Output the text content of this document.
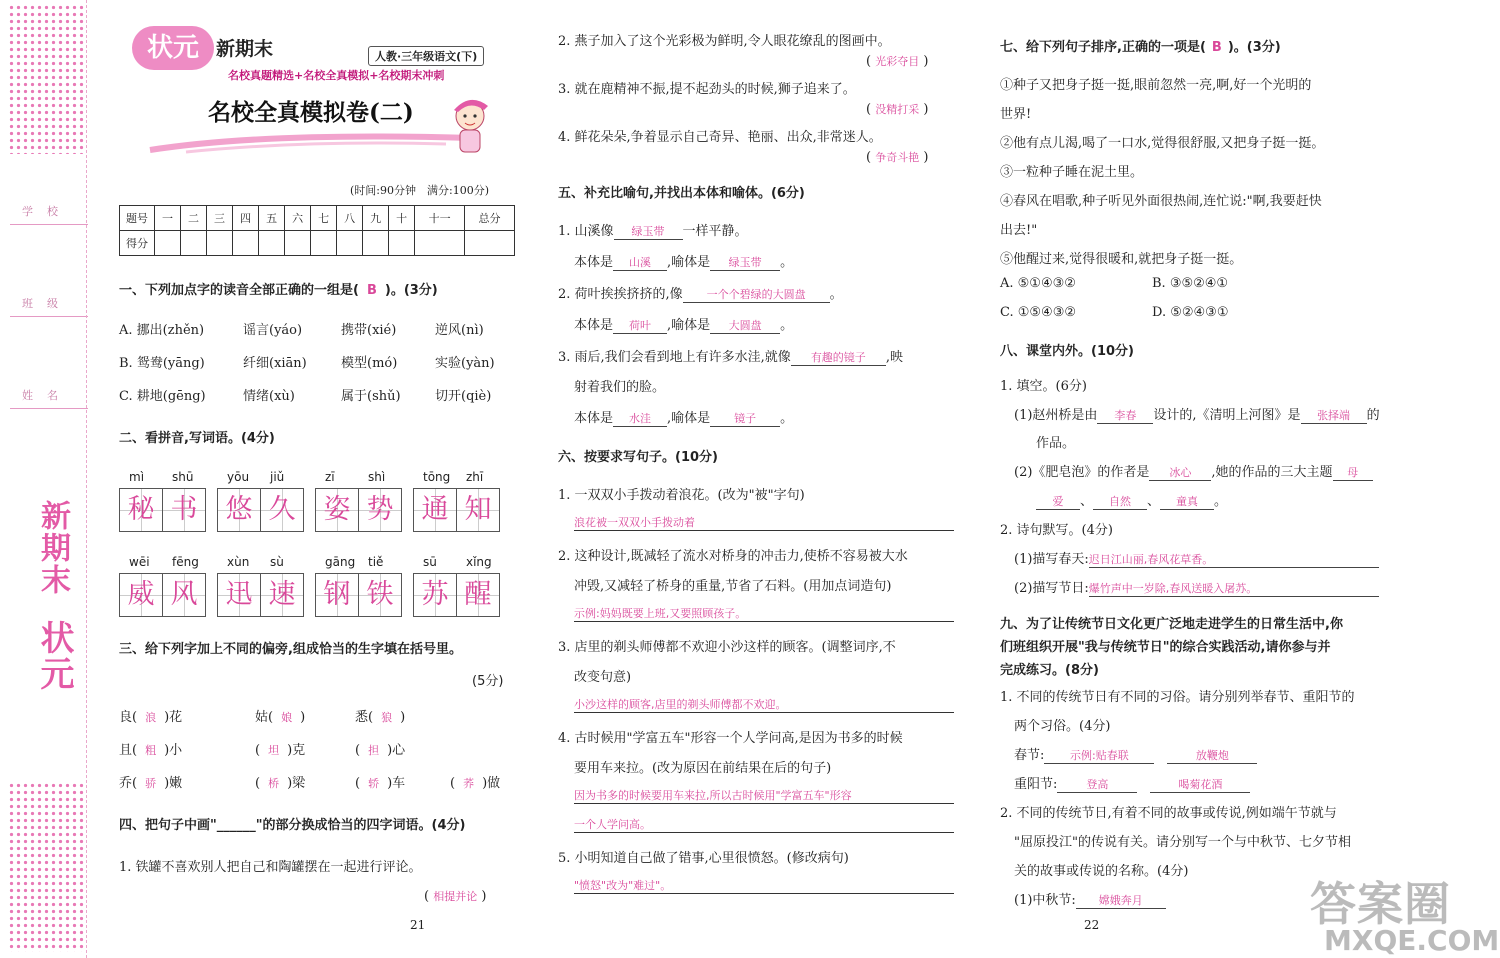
学校
班级
姓名
新期末
状元
状元 新期末	人教·三年级语文(下)
名校真题精选+名校全真模拟+名校期末冲刺
名校全真模拟卷(二)
(时间:90分钟　满分:100分)
题号	一	二	三	四	五	六	七	八	九	十	十一	总分
得分												
一、下列加点字的读音全部正确的一组是( B )。(3分)
A. 挪出(zhěn)	谣言(yáo)	携带(xié)	逆风(nì)
B. 鸳鸯(yāng)	纤细(xiān)	模型(mó)	实验(yàn)
C. 耕地(gēng)	情绪(xù)	属于(shǔ)	切开(qiè)
二、看拼音,写词语。(4分)
mì shū
秘 书
yōu jiǔ
悠 久
zī	shì
姿 势
tōng zhī
通 知
wēi fēng
威 风
xùn sù
迅 速
gāng tiě
钢 铁
sū xǐng
苏 醒
三、给下列字加上不同的偏旁,组成恰当的生字填在括号里。
(5分)
良( 浪 )花	姑( 娘 )	悉( 狼 )
且( 粗 )小	( 坦 )克	( 担 )心
乔( 骄 )嫩	( 桥 )梁	( 轿 )车	( 荞 )做
四、把句子中画"______"的部分换成恰当的四字词语。(4分)
1. 铁罐不喜欢别人把自己和陶罐摆在一起进行评论。
( 相提并论 )
21
2. 燕子加入了这个光彩极为鲜明,令人眼花缭乱的图画中。
( 光彩夺目 )
3. 就在鹿精神不振,提不起劲头的时候,狮子追来了。
( 没精打采 )
4. 鲜花朵朵,争着显示自己奇异、艳丽、出众,非常迷人。
( 争奇斗艳 )
五、补充比喻句,并找出本体和喻体。(6分)
1. 山溪像 绿玉带 一样平静。
本体是 山溪 ,喻体是 绿玉带 。
2. 荷叶挨挨挤挤的,像 一个个碧绿的大圆盘 。
本体是 荷叶 ,喻体是 大圆盘 。
3. 雨后,我们会看到地上有许多水洼,就像 有趣的镜子 ,映
射着我们的脸。
本体是 水洼 ,喻体是 镜子 。
六、按要求写句子。(10分)
1. 一双双小手拨动着浪花。(改为"被"字句)
浪花被一双双小手拨动着
2. 这种设计,既减轻了流水对桥身的冲击力,使桥不容易被大水
冲毁,又减轻了桥身的重量,节省了石料。(用加点词造句)
示例:妈妈既要上班,又要照顾孩子。
3. 店里的剃头师傅都不欢迎小沙这样的顾客。(调整词序,不
改变句意)
小沙这样的顾客,店里的剃头师傅都不欢迎。
4. 古时候用"学富五车"形容一个人学问高,是因为书多的时候
要用车来拉。(改为原因在前结果在后的句子)
因为书多的时候要用车来拉,所以古时候用"学富五车"形容
一个人学问高。
5. 小明知道自己做了错事,心里很愤怒。(修改病句)
"愤怒"改为"难过"。
22
七、给下列句子排序,正确的一项是( B )。(3分)
①种子又把身子挺一挺,眼前忽然一亮,啊,好一个光明的
世界!
②他有点儿渴,喝了一口水,觉得很舒服,又把身子挺一挺。
③一粒种子睡在泥土里。
④春风在唱歌,种子听见外面很热闹,连忙说:"啊,我要赶快
出去!"
⑤他醒过来,觉得很暖和,就把身子挺一挺。
A. ⑤①④③②	B. ③⑤②④①
C. ①⑤④③②	D. ⑤②④③①
八、课堂内外。(10分)
1. 填空。(6分)
(1)赵州桥是由 李春 设计的,《清明上河图》是 张择端 的
作品。
(2)《肥皂泡》的作者是 冰心 ,她的作品的三大主题 母
爱 、 自然 、 童真 。
2. 诗句默写。(4分)
(1)描写春天:迟日江山丽,春风花草香。
(2)描写节日:爆竹声中一岁除,春风送暖入屠苏。
九、为了让传统节日文化更广泛地走进学生的日常生活中,你
们班组织开展"我与传统节日"的综合实践活动,请你参与并
完成练习。(8分)
1. 不同的传统节日有不同的习俗。请分别列举春节、重阳节的
两个习俗。(4分)
春节: 示例:贴春联　	放鞭炮
重阳节:	登高　	喝菊花酒
2. 不同的传统节日,有着不同的故事或传说,例如端午节就与
"屈原投江"的传说有关。请分别写一个与中秋节、七夕节相
关的故事或传说的名称。(4分)
(1)中秋节: 嫦娥奔月	答案圈
MXQE.COM
